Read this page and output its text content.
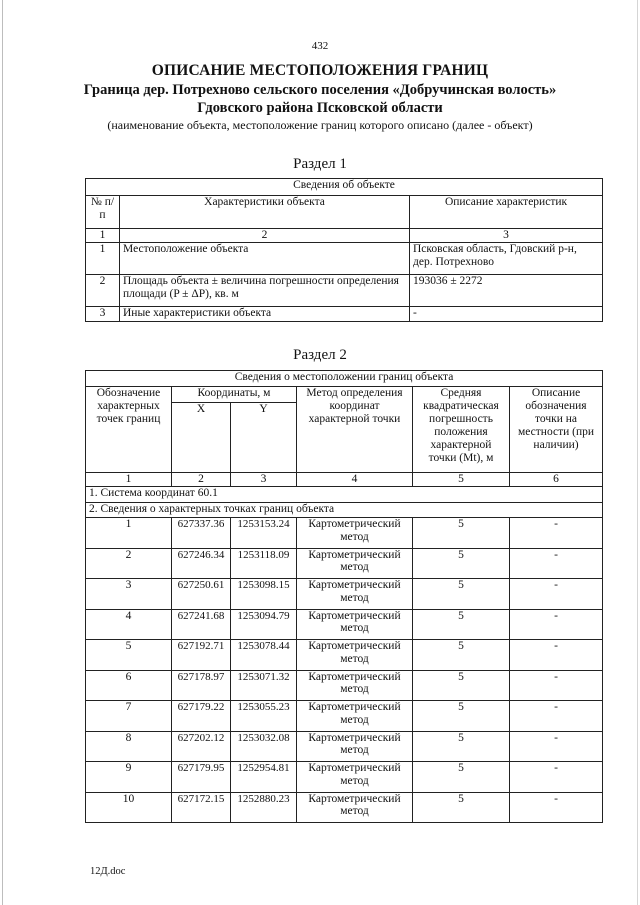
432
ОПИСАНИЕ МЕСТОПОЛОЖЕНИЯ ГРАНИЦ
Граница дер. Потрехново сельского поселения «Добручинская волость»
Гдовского района Псковской области
(наименование объекта, местоположение границ которого описано (далее - объект)
Раздел 1
Сведения об объекте		
№ п/п	Характеристики объекта	Описание характеристик
1	2	3
1	Местоположение объекта	Псковская область, Гдовский р-н, дер. Потрехново
2	Площадь объекта ± величина погрешности определения площади (P ± ΔP), кв. м	193036 ± 2272
3	Иные характеристики объекта	-
Раздел 2
Сведения о местоположении границ объекта					
Обозначение характерных точек границ	Координаты, м		Метод определения координат характерной точки	Средняя квадратическая погрешность положения характерной точки (Mt), м	Описание обозначения точки на местности (при наличии)
	X	Y			
1	2	3	4	5	6
1. Система координат 60.1					
2. Сведения о характерных точках границ объекта					
1	627337.36	1253153.24	Картометрический метод	5	-
2	627246.34	1253118.09	Картометрический метод	5	-
3	627250.61	1253098.15	Картометрический метод	5	-
4	627241.68	1253094.79	Картометрический метод	5	-
5	627192.71	1253078.44	Картометрический метод	5	-
6	627178.97	1253071.32	Картометрический метод	5	-
7	627179.22	1253055.23	Картометрический метод	5	-
8	627202.12	1253032.08	Картометрический метод	5	-
9	627179.95	1252954.81	Картометрический метод	5	-
10	627172.15	1252880.23	Картометрический метод	5	-
12Д.doc
